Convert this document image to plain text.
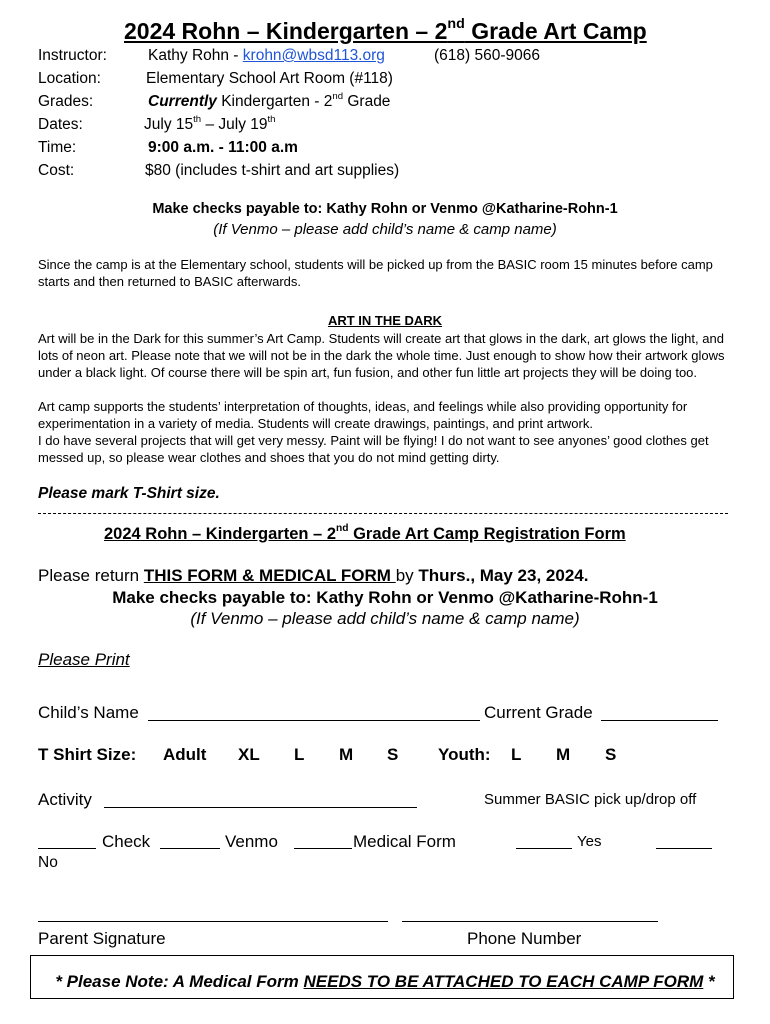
2024 Rohn – Kindergarten – 2nd Grade Art Camp
Instructor:	Kathy Rohn - krohn@wbsd113.org	(618) 560-9066
Location:	Elementary School Art Room (#118)
Grades:	Currently Kindergarten - 2nd Grade
Dates:	July 15th – July 19th
Time:	9:00 a.m. - 11:00 a.m
Cost:	$80 (includes t-shirt and art supplies)
Make checks payable to: Kathy Rohn or Venmo @Katharine-Rohn-1
(If Venmo – please add child’s name & camp name)
Since the camp is at the Elementary school, students will be picked up from the BASIC room 15 minutes before camp starts and then returned to BASIC afterwards.
ART IN THE DARK
Art will be in the Dark for this summer’s Art Camp. Students will create art that glows in the dark, art glows the light, and lots of neon art. Please note that we will not be in the dark the whole time. Just enough to show how their artwork glows under a black light. Of course there will be spin art, fun fusion, and other fun little art projects they will be doing too.
Art camp supports the students’ interpretation of thoughts, ideas, and feelings while also providing opportunity for experimentation in a variety of media. Students will create drawings, paintings, and print artwork.
I do have several projects that will get very messy. Paint will be flying! I do not want to see anyones’ good clothes get messed up, so please wear clothes and shoes that you do not mind getting dirty.
Please mark T-Shirt size.
2024 Rohn – Kindergarten – 2nd Grade Art Camp Registration Form
Please return THIS FORM & MEDICAL FORM by Thurs., May 23, 2024.
Make checks payable to: Kathy Rohn or Venmo @Katharine-Rohn-1
(If Venmo – please add child’s name & camp name)
Please Print
Child’s Name	Current Grade
T Shirt Size: Adult XL L M S Youth: L M S
Activity	Summer BASIC pick up/drop off
Check	Venmo	Medical Form	Yes
No
Parent Signature	Phone Number
* Please Note: A Medical Form NEEDS TO BE ATTACHED TO EACH CAMP FORM *
